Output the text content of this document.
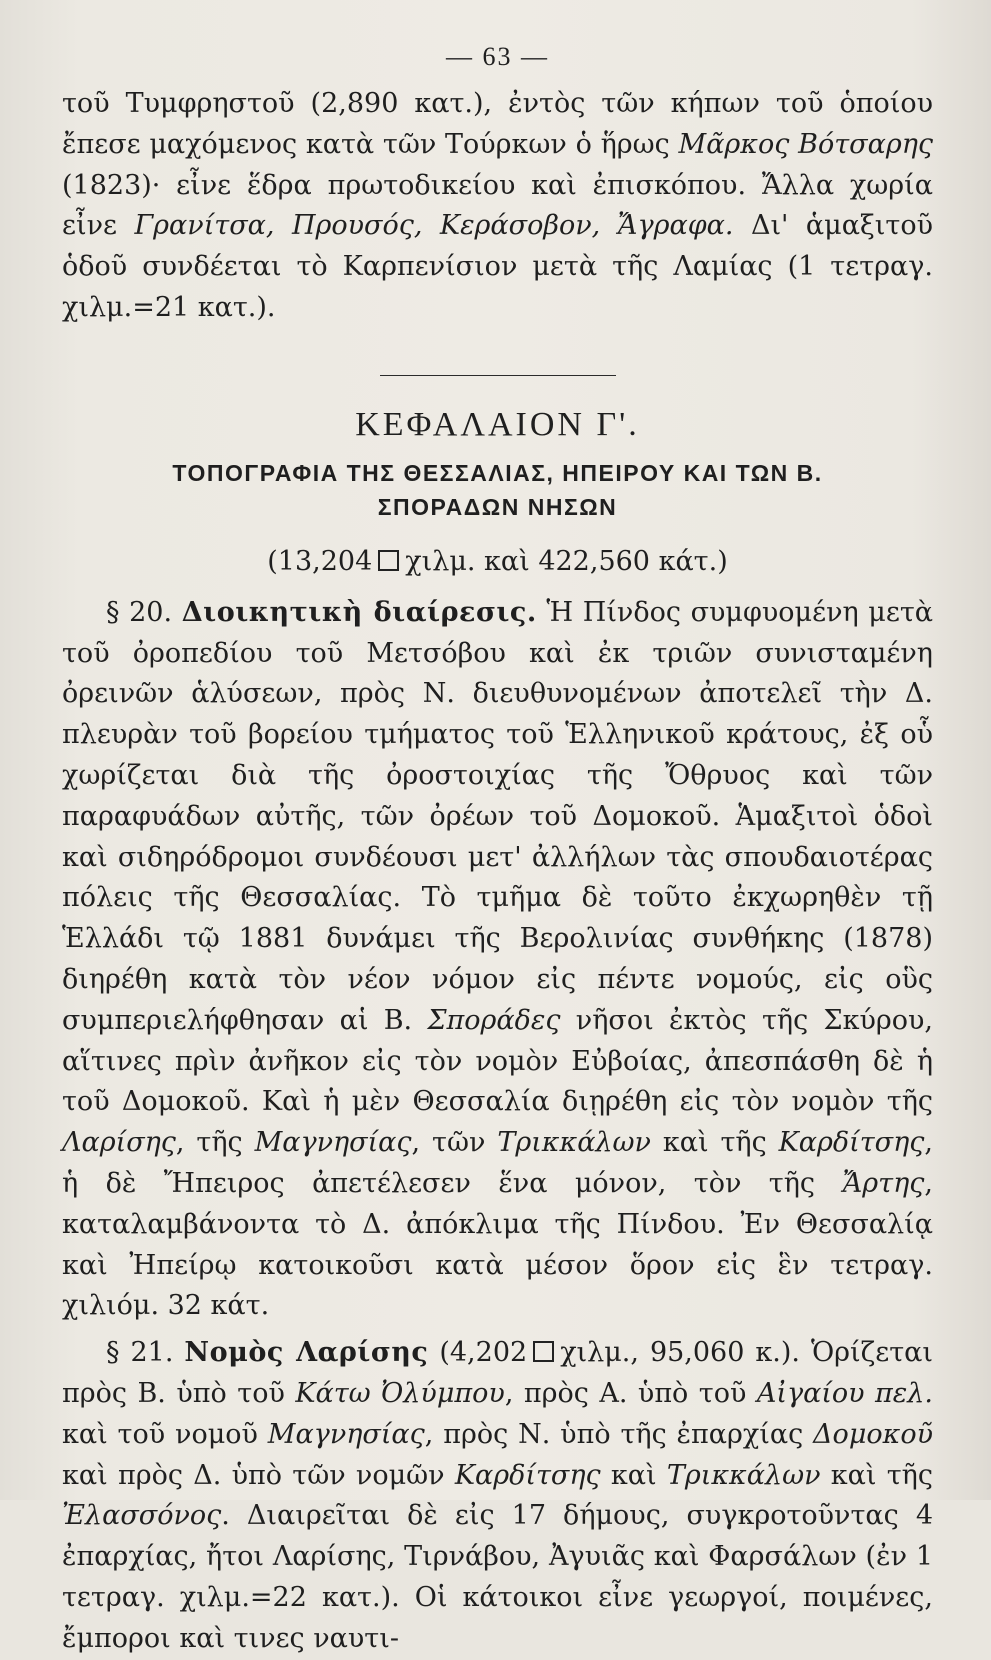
— 63 —

τοῦ Τυμφρηστοῦ (2,890 κατ.), ἐντὸς τῶν κήπων τοῦ ὁποίου ἔπεσε μαχόμενος κατὰ τῶν Τούρκων ὁ ἥρως Μᾶρκος Βότσαρης (1823)· εἶνε ἕδρα πρωτοδικείου καὶ ἐπισκόπου. Ἄλλα χωρία εἶνε Γρανίτσα, Προυσός, Κεράσοβον, Ἄγραφα. Δι' ἁμαξιτοῦ ὁδοῦ συνδέεται τὸ Καρπενίσιον μετὰ τῆς Λαμίας (1 τετραγ. χιλμ.=21 κατ.).

ΚΕΦΑΛΑΙΟΝ Γ'.
ΤΟΠΟΓΡΑΦΙΑ ΤΗΣ ΘΕΣΣΑΛΙΑΣ, ΗΠΕΙΡΟΥ ΚΑΙ ΤΩΝ Β.
ΣΠΟΡΑΔΩΝ ΝΗΣΩΝ
(13,204 χιλμ. καὶ 422,560 κάτ.)

§ 20. Διοικητικὴ διαίρεσις. Ἡ Πίνδος συμφυομένη μετὰ τοῦ ὀροπεδίου τοῦ Μετσόβου καὶ ἐκ τριῶν συνισταμένη ὀρεινῶν ἁλύσεων, πρὸς Ν. διευθυνομένων ἀποτελεῖ τὴν Δ. πλευρὰν τοῦ βορείου τμήματος τοῦ Ἑλληνικοῦ κράτους, ἐξ οὗ χωρίζεται διὰ τῆς ὀροστοιχίας τῆς Ὄθρυος καὶ τῶν παραφυάδων αὐτῆς, τῶν ὀρέων τοῦ Δομοκοῦ. Ἁμαξιτοὶ ὁδοὶ καὶ σιδηρόδρομοι συνδέουσι μετ' ἀλλήλων τὰς σπουδαιοτέρας πόλεις τῆς Θεσσαλίας. Τὸ τμῆμα δὲ τοῦτο ἐκχωρηθὲν τῇ Ἑλλάδι τῷ 1881 δυνάμει τῆς Βερολινίας συνθήκης (1878) διηρέθη κατὰ τὸν νέον νόμον εἰς πέντε νομούς, εἰς οὓς συμπεριελήφθησαν αἱ Β. Σποράδες νῆσοι ἐκτὸς τῆς Σκύρου, αἵτινες πρὶν ἀνῆκον εἰς τὸν νομὸν Εὐβοίας, ἀπεσπάσθη δὲ ἡ τοῦ Δομοκοῦ. Καὶ ἡ μὲν Θεσσαλία διῃρέθη εἰς τὸν νομὸν τῆς Λαρίσης, τῆς Μαγνησίας, τῶν Τρικκάλων καὶ τῆς Καρδίτσης, ἡ δὲ Ἤπειρος ἀπετέλεσεν ἕνα μόνον, τὸν τῆς Ἄρτης, καταλαμβάνοντα τὸ Δ. ἀπόκλιμα τῆς Πίνδου. Ἐν Θεσσαλίᾳ καὶ Ἠπείρῳ κατοικοῦσι κατὰ μέσον ὅρον εἰς ἓν τετραγ. χιλιόμ. 32 κάτ.

§ 21. Νομὸς Λαρίσης (4,202 χιλμ., 95,060 κ.). Ὁρίζεται πρὸς Β. ὑπὸ τοῦ Κάτω Ὀλύμπου, πρὸς Α. ὑπὸ τοῦ Αἰγαίου πελ. καὶ τοῦ νομοῦ Μαγνησίας, πρὸς Ν. ὑπὸ τῆς ἐπαρχίας Δομοκοῦ καὶ πρὸς Δ. ὑπὸ τῶν νομῶν Καρδίτσης καὶ Τρικκάλων καὶ τῆς Ἐλασσόνος. Διαιρεῖται δὲ εἰς 17 δήμους, συγκροτοῦντας 4 ἐπαρχίας, ἤτοι Λαρίσης, Τιρνάβου, Ἀγυιᾶς καὶ Φαρσάλων (ἐν 1 τετραγ. χιλμ.=22 κατ.). Οἱ κάτοικοι εἶνε γεωργοί, ποιμένες, ἔμποροι καὶ τινες ναυτι-
